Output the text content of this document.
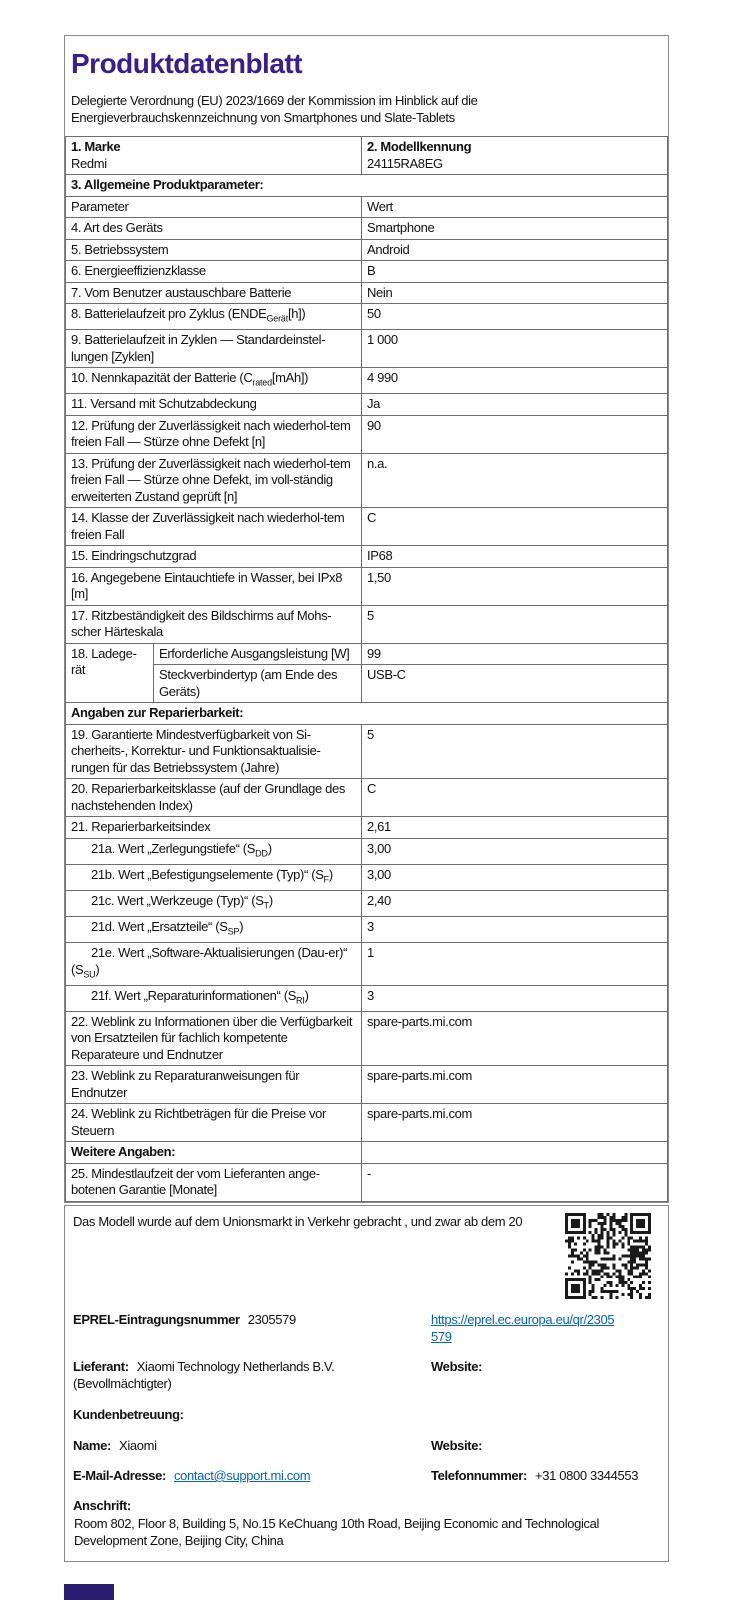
Produktdatenblatt
Delegierte Verordnung (EU) 2023/1669 der Kommission im Hinblick auf die Energieverbrauchskennzeichnung von Smartphones und Slate-Tablets
1. Marke
Redmi

2. Modellkennung
24115RA8EG

3. Allgemeine Produktparameter:		
Parameter		Wert
4. Art des Geräts		Smartphone
5. Betriebssystem		Android
6. Energieeffizienzklasse		B
7. Vom Benutzer austauschbare Batterie		Nein
8. Batterielaufzeit pro Zyklus $(ENDE_{Gerät}[h])$		50
9. Batterielaufzeit in Zyklen — Standardeinstel-lungen [Zyklen]		1 000
10. Nennkapazität der Batterie $(C_{rated}[mAh])$		4 990
11. Versand mit Schutzabdeckung		Ja
12. Prüfung der Zuverlässigkeit nach wiederhol-tem freien Fall — Stürze ohne Defekt [n]		90
13. Prüfung der Zuverlässigkeit nach wiederhol-tem freien Fall — Stürze ohne Defekt, im voll-ständig erweiterten Zustand geprüft [n]		n.a.
14. Klasse der Zuverlässigkeit nach wiederhol-tem freien Fall		C
15. Eindringschutzgrad		IP68
16. Angegebene Eintauchtiefe in Wasser, bei IPx8 [m]		1,50
17. Ritzbeständigkeit des Bildschirms auf Mohs-scher Härteskala		5
18. Ladege-rät	Erforderliche Ausgangsleistung [W]	99
	Steckverbindertyp (am Ende des Geräts)	USB-C
Angaben zur Reparierbarkeit:		
19. Garantierte Mindestverfügbarkeit von Si-cherheits-, Korrektur- und Funktionsaktualisie-rungen für das Betriebssystem (Jahre)		5
20. Reparierbarkeitsklasse (auf der Grundlage des nachstehenden Index)		C
21. Reparierbarkeitsindex		2,61
21a. Wert „Zerlegungstiefe“ $(S_{DD})$		3,00
21b. Wert „Befestigungselemente (Typ)“ $(S_F)$		3,00
21c. Wert „Werkzeuge (Typ)“ $(S_T)$		2,40
21d. Wert „Ersatzteile“ $(S_{SP})$		3
21e. Wert „Software-Aktualisierungen (Dau-er)“ $(S_{SU})$		1
21f. Wert „Reparaturinformationen“ $(S_{RI})$		3
22. Weblink zu Informationen über die Verfügbarkeit von Ersatzteilen für fachlich kompetente Reparateure und Endnutzer		spare-parts.mi.com
23. Weblink zu Reparaturanweisungen für Endnutzer		spare-parts.mi.com
24. Weblink zu Richtbeträgen für die Preise vor Steuern		spare-parts.mi.com
Weitere Angaben:		
25. Mindestlaufzeit der vom Lieferanten ange-botenen Garantie [Monate]		-
Das Modell wurde auf dem Unionsmarkt in Verkehr gebracht , und zwar ab dem 20
EPREL-Eintragungsnummer 2305579	https://eprel.ec.europa.eu/qr/2305579
Lieferant: Xiaomi Technology Netherlands B.V. (Bevollmächtigter)
Website:
Kundenbetreuung:
Name: Xiaomi	Website:
E-Mail-Adresse: contact@support.mi.com	Telefonnummer: +31 0800 3344553
Anschrift:
Room 802, Floor 8, Building 5, No.15 KeChuang 10th Road, Beijing Economic and Technological Development Zone, Beijing City, China
